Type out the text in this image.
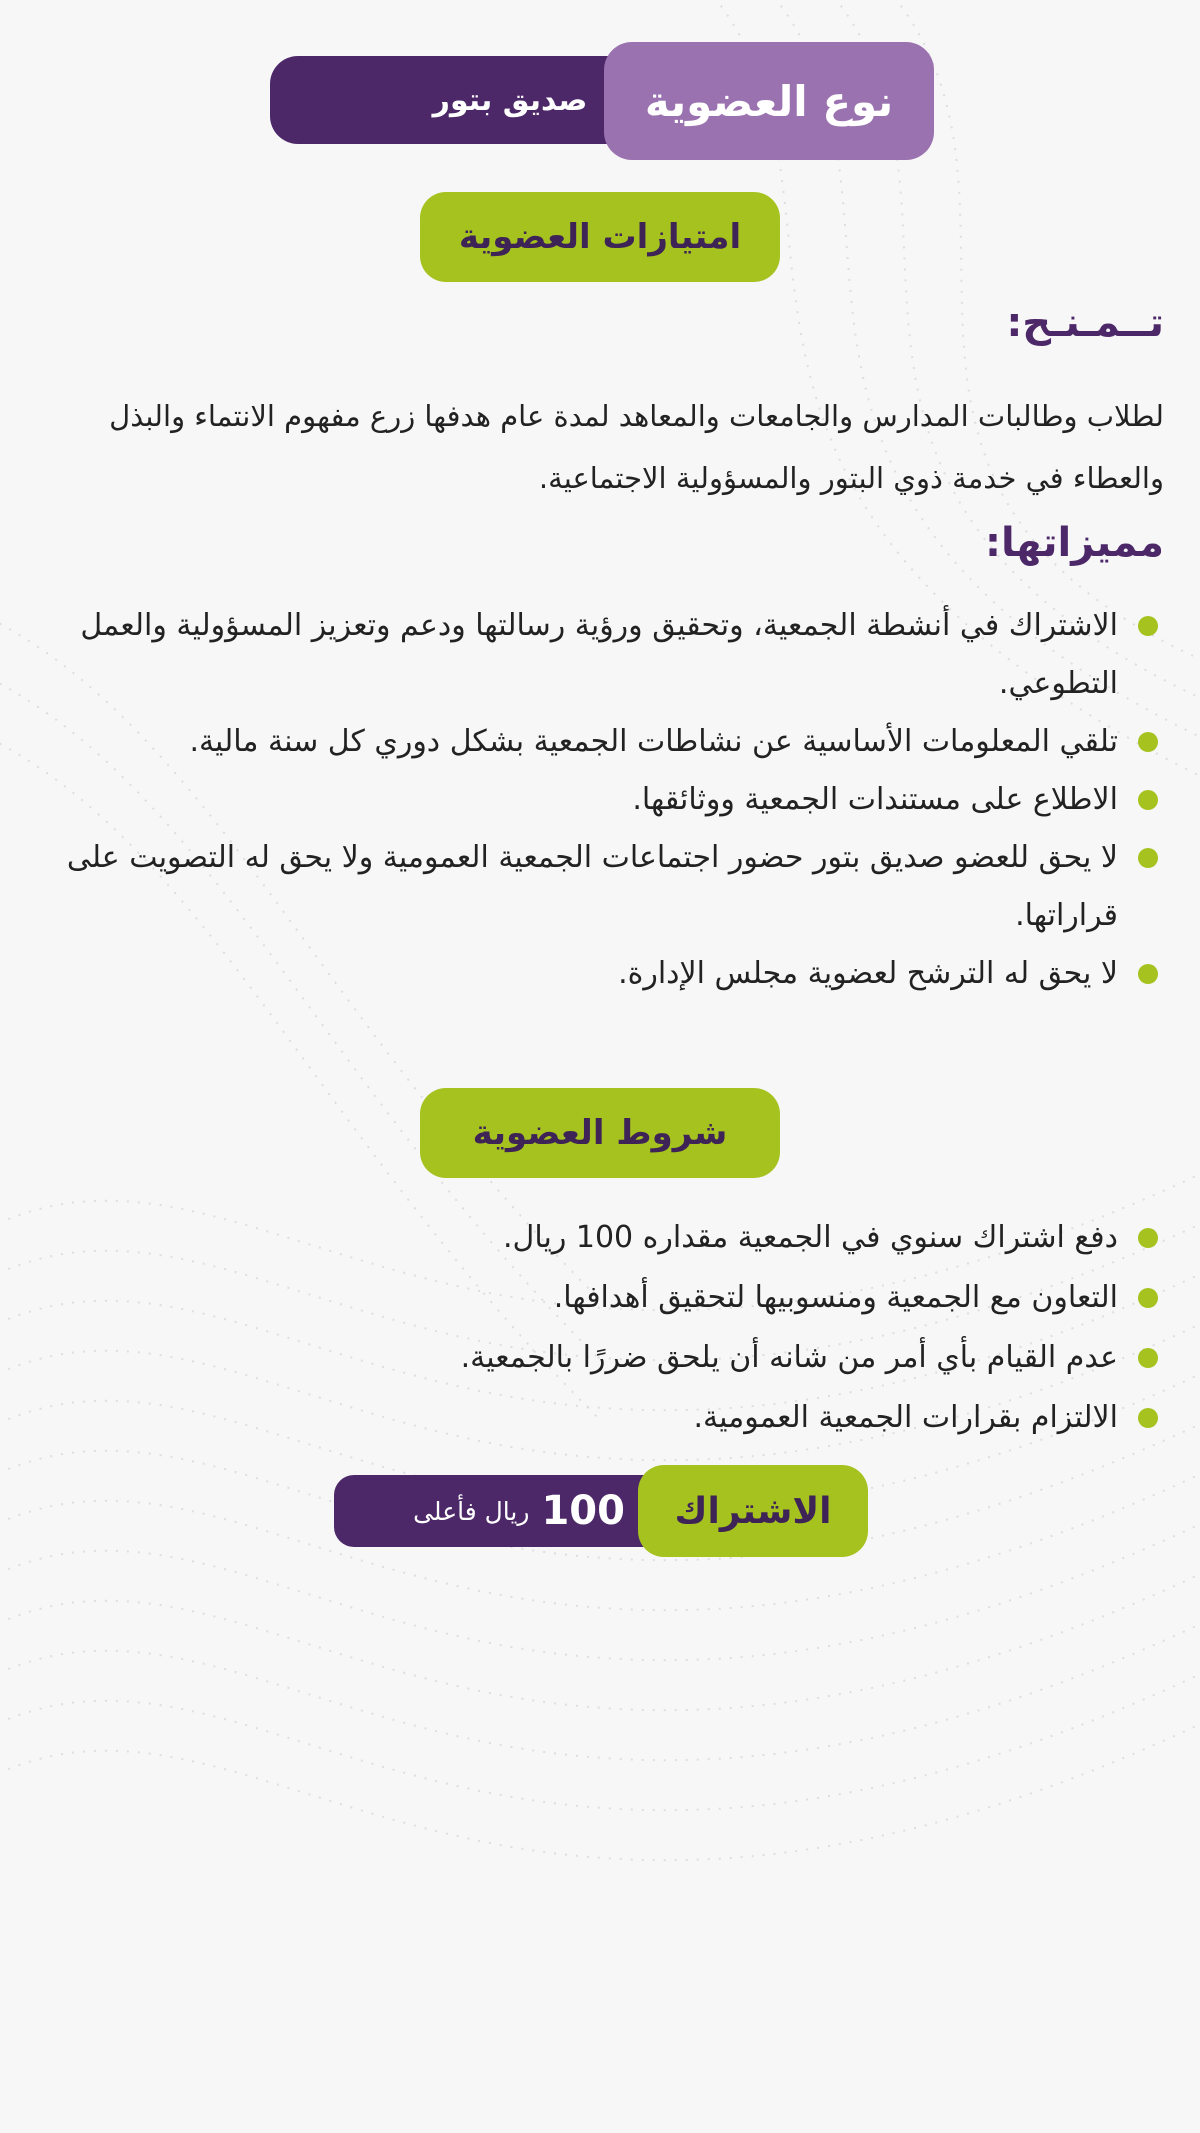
صديق بتور	نوع العضوية
امتيازات العضوية
تــمـنـح:
لطلاب وطالبات المدارس والجامعات والمعاهد لمدة عام هدفها زرع مفهوم الانتماء والبذل والعطاء في خدمة ذوي البتور والمسؤولية الاجتماعية.
مميزاتها:
الاشتراك في أنشطة الجمعية، وتحقيق ورؤية رسالتها ودعم وتعزيز المسؤولية والعمل التطوعي.
تلقي المعلومات الأساسية عن نشاطات الجمعية بشكل دوري كل سنة مالية.
الاطلاع على مستندات الجمعية ووثائقها.
لا يحق للعضو صديق بتور حضور اجتماعات الجمعية العمومية ولا يحق له التصويت على قراراتها.
لا يحق له الترشح لعضوية مجلس الإدارة.
شروط العضوية
دفع اشتراك سنوي في الجمعية مقداره 100 ريال.
التعاون مع الجمعية ومنسوبيها لتحقيق أهدافها.
عدم القيام بأي أمر من شانه أن يلحق ضررًا بالجمعية.
الالتزام بقرارات الجمعية العمومية.
100
ريال فأعلى	الاشتراك
